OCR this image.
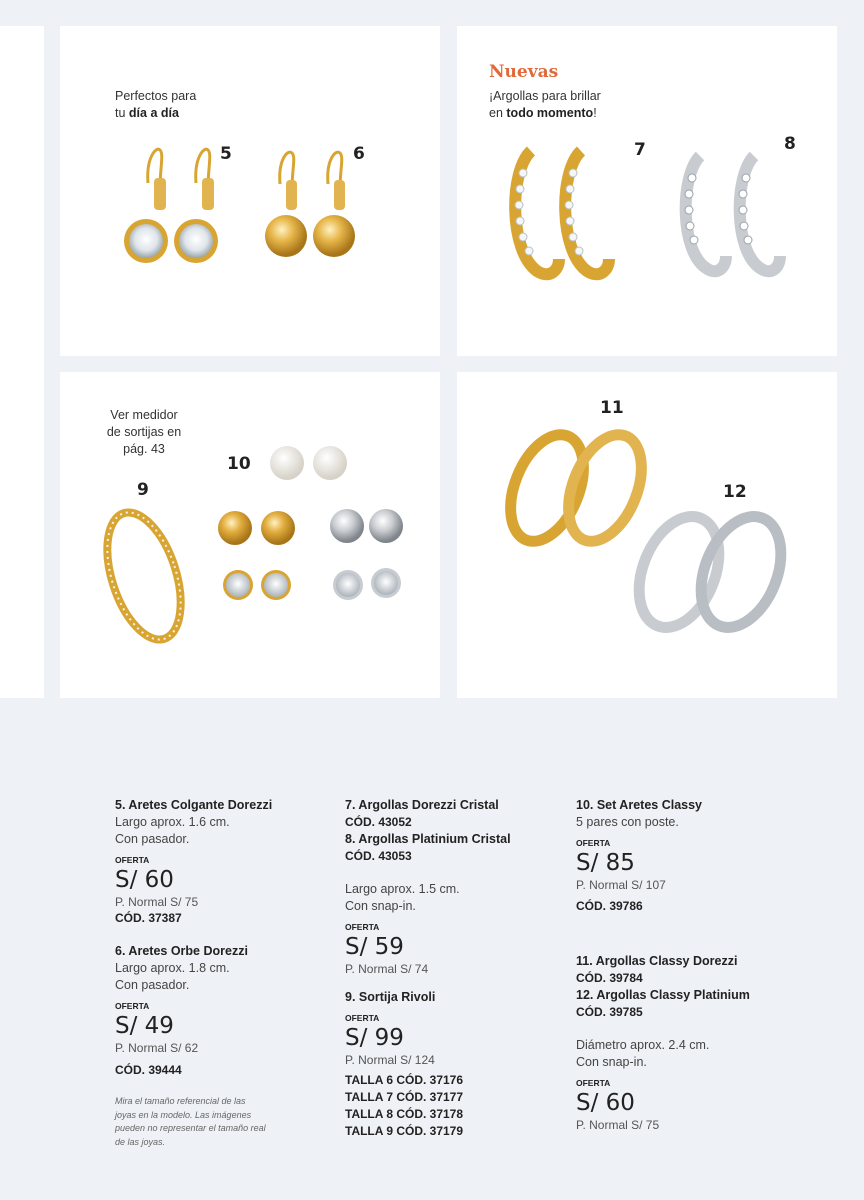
Perfectos para
tu día a día
5	6
Nuevas
¡Argollas para brillar
en todo momento!
7	8
Ver medidor
de sortijas en
pág. 43
9
10
11
12
5. Aretes Colgante Dorezzi
Largo aprox. 1.6 cm.
Con pasador.
OFERTA
S/ 60
P. Normal S/ 75
CÓD. 37387
6. Aretes Orbe Dorezzi
Largo aprox. 1.8 cm.
Con pasador.
OFERTA
S/ 49
P. Normal S/ 62
CÓD. 39444
Mira el tamaño referencial de las
joyas en la modelo. Las imágenes
pueden no representar el tamaño real
de las joyas.
7. Argollas Dorezzi Cristal
CÓD. 43052
8. Argollas Platinium Cristal
CÓD. 43053
Largo aprox. 1.5 cm.
Con snap-in.
OFERTA
S/ 59
P. Normal S/ 74
9. Sortija Rivoli
OFERTA
S/ 99
P. Normal S/ 124
TALLA 6 CÓD. 37176
TALLA 7 CÓD. 37177
TALLA 8 CÓD. 37178
TALLA 9 CÓD. 37179
10. Set Aretes Classy
5 pares con poste.
OFERTA
S/ 85
P. Normal S/ 107
CÓD. 39786
11. Argollas Classy Dorezzi
CÓD. 39784
12. Argollas Classy Platinium
CÓD. 39785
Diámetro aprox. 2.4 cm.
Con snap-in.
OFERTA
S/ 60
P. Normal S/ 75
